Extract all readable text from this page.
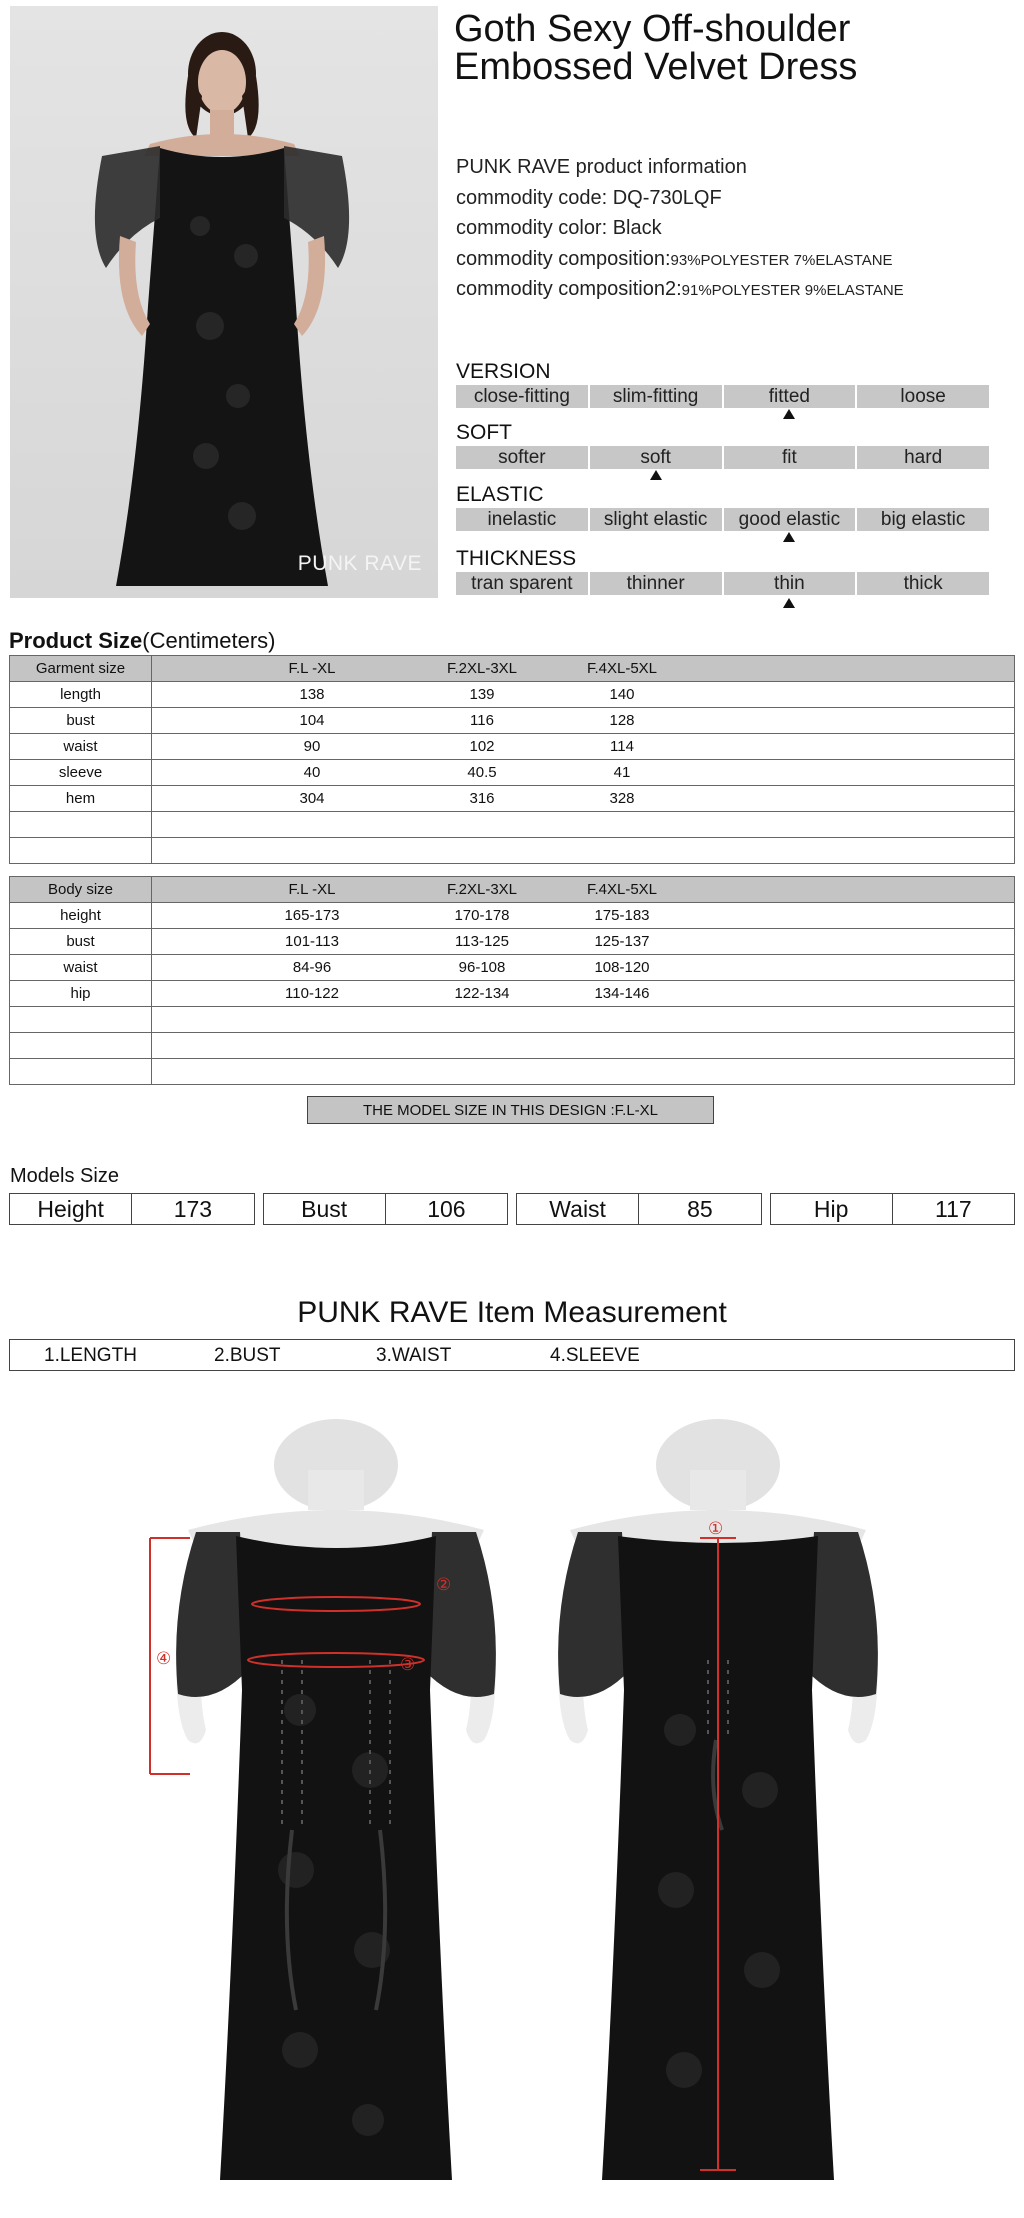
PUNK RAVE
Goth Sexy Off-shoulder
Embossed Velvet Dress
PUNK RAVE product information
commodity code: DQ-730LQF
commodity color: Black
commodity composition:93%POLYESTER 7%ELASTANE
commodity composition2:91%POLYESTER 9%ELASTANE
VERSION
close-fitting	slim-fitting	fitted	loose
SOFT
softer	soft	fit	hard
ELASTIC
inelastic	slight elastic	good elastic	big elastic
THICKNESS
tran sparent	thinner	thin	thick
Product Size(Centimeters)
Garment size	F.L -XL F.2XL-3XL F.4XL-5XL

length	138 139 140

bust	104 116 128

waist	90 102 114

sleeve	40 40.5 41

hem	304 316 328

Body size	F.L -XL F.2XL-3XL F.4XL-5XL

height	165-173 170-178 175-183

bust	101-113 113-125 125-137

waist	84-96 96-108 108-120

hip	110-122 122-134 134-146

THE MODEL SIZE IN THIS DESIGN :F.L-XL
Models Size
Height	173	Bust	106	Waist	85	Hip	117
PUNK RAVE Item Measurement
1.LENGTH	2.BUST	3.WAIST	4.SLEEVE
②
③
④
①
